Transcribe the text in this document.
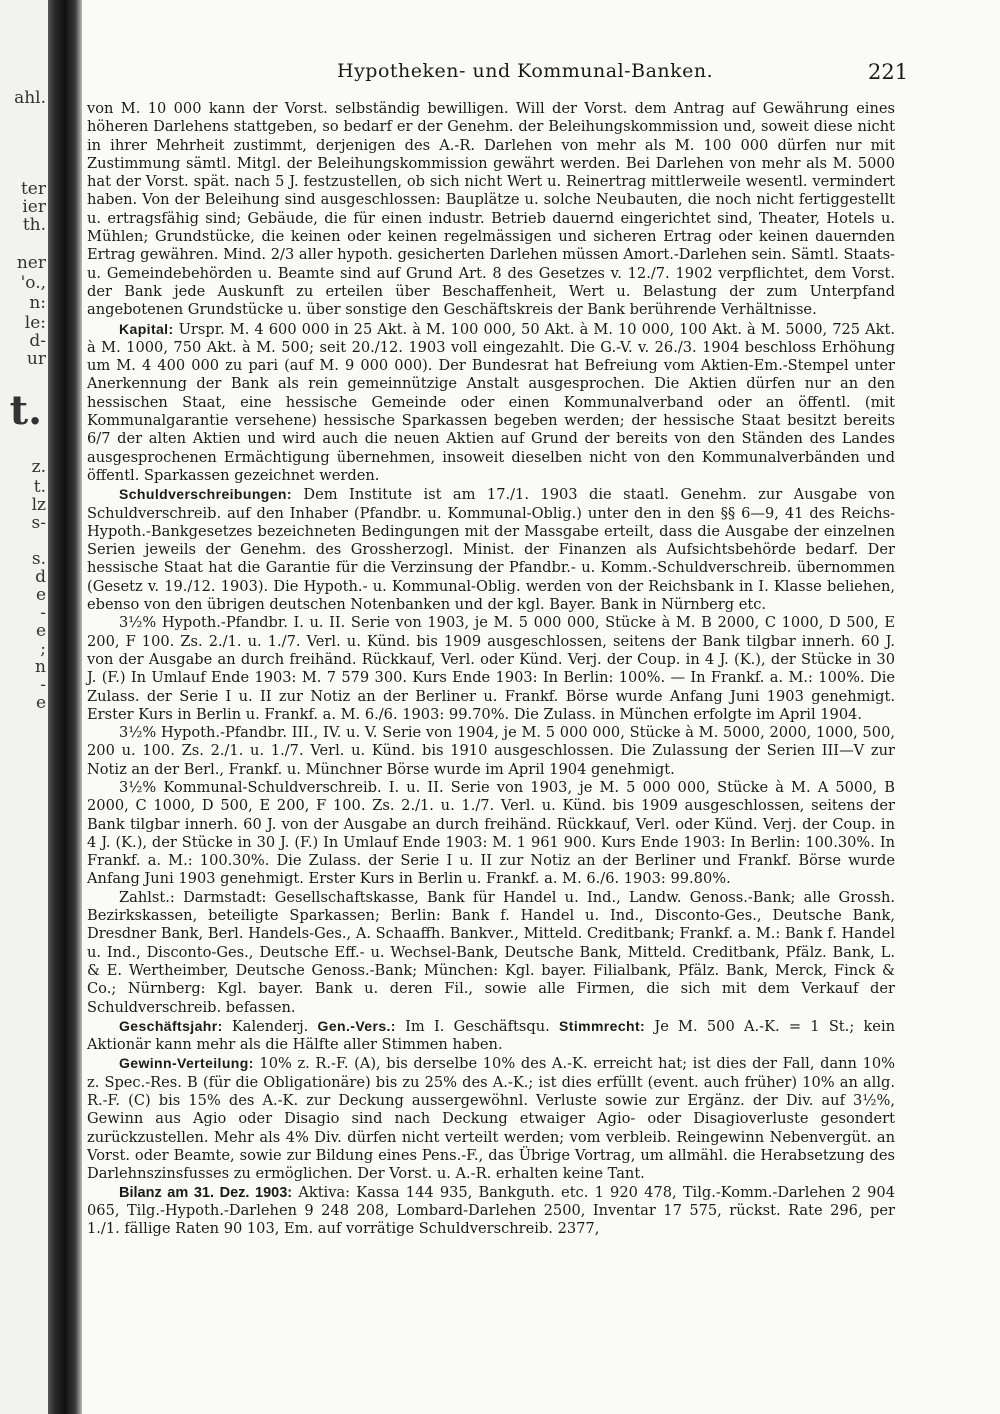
ahl.
ter
ier
th.
ner
'o.,
n:
le:
d-
ur
t.
z.
t.
lz
s-
s.
d
e
-
e
;
n
-
e
Hypotheken- und Kommunal-Banken.	221

von M. 10 000 kann der Vorst. selbständig bewilligen. Will der Vorst. dem Antrag auf Gewährung eines höheren Darlehens stattgeben, so bedarf er der Genehm. der Beleihungskommission und, soweit diese nicht in ihrer Mehrheit zustimmt, derjenigen des A.-R. Darlehen von mehr als M. 100 000 dürfen nur mit Zustimmung sämtl. Mitgl. der Beleihungskommission gewährt werden. Bei Darlehen von mehr als M. 5000 hat der Vorst. spät. nach 5 J. festzustellen, ob sich nicht Wert u. Reinertrag mittlerweile wesentl. vermindert haben. Von der Beleihung sind ausgeschlossen: Bauplätze u. solche Neubauten, die noch nicht fertiggestellt u. ertragsfähig sind; Gebäude, die für einen industr. Betrieb dauernd eingerichtet sind, Theater, Hotels u. Mühlen; Grundstücke, die keinen oder keinen regelmässigen und sicheren Ertrag oder keinen dauernden Ertrag gewähren. Mind. 2/3 aller hypoth. gesicherten Darlehen müssen Amort.-Darlehen sein. Sämtl. Staats- u. Gemeindebehörden u. Beamte sind auf Grund Art. 8 des Gesetzes v. 12./7. 1902 verpflichtet, dem Vorst. der Bank jede Auskunft zu erteilen über Beschaffenheit, Wert u. Belastung der zum Unterpfand angebotenen Grundstücke u. über sonstige den Geschäftskreis der Bank berührende Verhältnisse.

Kapital: Urspr. M. 4 600 000 in 25 Akt. à M. 100 000, 50 Akt. à M. 10 000, 100 Akt. à M. 5000, 725 Akt. à M. 1000, 750 Akt. à M. 500; seit 20./12. 1903 voll eingezahlt. Die G.-V. v. 26./3. 1904 beschloss Erhöhung um M. 4 400 000 zu pari (auf M. 9 000 000). Der Bundesrat hat Befreiung vom Aktien-Em.-Stempel unter Anerkennung der Bank als rein gemeinnützige Anstalt ausgesprochen. Die Aktien dürfen nur an den hessischen Staat, eine hessische Gemeinde oder einen Kommunalverband oder an öffentl. (mit Kommunalgarantie versehene) hessische Sparkassen begeben werden; der hessische Staat besitzt bereits 6/7 der alten Aktien und wird auch die neuen Aktien auf Grund der bereits von den Ständen des Landes ausgesprochenen Ermächtigung übernehmen, insoweit dieselben nicht von den Kommunalverbänden und öffentl. Sparkassen gezeichnet werden.

Schuldverschreibungen: Dem Institute ist am 17./1. 1903 die staatl. Genehm. zur Ausgabe von Schuldverschreib. auf den Inhaber (Pfandbr. u. Kommunal-Oblig.) unter den in den §§ 6—9, 41 des Reichs-Hypoth.-Bankgesetzes bezeichneten Bedingungen mit der Massgabe erteilt, dass die Ausgabe der einzelnen Serien jeweils der Genehm. des Grossherzogl. Minist. der Finanzen als Aufsichtsbehörde bedarf. Der hessische Staat hat die Garantie für die Verzinsung der Pfandbr.- u. Komm.-Schuldverschreib. übernommen (Gesetz v. 19./12. 1903). Die Hypoth.- u. Kommunal-Oblig. werden von der Reichsbank in I. Klasse beliehen, ebenso von den übrigen deutschen Notenbanken und der kgl. Bayer. Bank in Nürnberg etc.

3½% Hypoth.-Pfandbr. I. u. II. Serie von 1903, je M. 5 000 000, Stücke à M. B 2000, C 1000, D 500, E 200, F 100. Zs. 2./1. u. 1./7. Verl. u. Künd. bis 1909 ausgeschlossen, seitens der Bank tilgbar innerh. 60 J. von der Ausgabe an durch freihänd. Rückkauf, Verl. oder Künd. Verj. der Coup. in 4 J. (K.), der Stücke in 30 J. (F.) In Umlauf Ende 1903: M. 7 579 300. Kurs Ende 1903: In Berlin: 100%. — In Frankf. a. M.: 100%. Die Zulass. der Serie I u. II zur Notiz an der Berliner u. Frankf. Börse wurde Anfang Juni 1903 genehmigt. Erster Kurs in Berlin u. Frankf. a. M. 6./6. 1903: 99.70%. Die Zulass. in München erfolgte im April 1904.

3½% Hypoth.-Pfandbr. III., IV. u. V. Serie von 1904, je M. 5 000 000, Stücke à M. 5000, 2000, 1000, 500, 200 u. 100. Zs. 2./1. u. 1./7. Verl. u. Künd. bis 1910 ausgeschlossen. Die Zulassung der Serien III—V zur Notiz an der Berl., Frankf. u. Münchner Börse wurde im April 1904 genehmigt.

3½% Kommunal-Schuldverschreib. I. u. II. Serie von 1903, je M. 5 000 000, Stücke à M. A 5000, B 2000, C 1000, D 500, E 200, F 100. Zs. 2./1. u. 1./7. Verl. u. Künd. bis 1909 ausgeschlossen, seitens der Bank tilgbar innerh. 60 J. von der Ausgabe an durch freihänd. Rückkauf, Verl. oder Künd. Verj. der Coup. in 4 J. (K.), der Stücke in 30 J. (F.) In Umlauf Ende 1903: M. 1 961 900. Kurs Ende 1903: In Berlin: 100.30%. In Frankf. a. M.: 100.30%. Die Zulass. der Serie I u. II zur Notiz an der Berliner und Frankf. Börse wurde Anfang Juni 1903 genehmigt. Erster Kurs in Berlin u. Frankf. a. M. 6./6. 1903: 99.80%.

Zahlst.: Darmstadt: Gesellschaftskasse, Bank für Handel u. Ind., Landw. Genoss.-Bank; alle Grossh. Bezirkskassen, beteiligte Sparkassen; Berlin: Bank f. Handel u. Ind., Disconto-Ges., Deutsche Bank, Dresdner Bank, Berl. Handels-Ges., A. Schaaffh. Bankver., Mitteld. Creditbank; Frankf. a. M.: Bank f. Handel u. Ind., Disconto-Ges., Deutsche Eff.- u. Wechsel-Bank, Deutsche Bank, Mitteld. Creditbank, Pfälz. Bank, L. & E. Wertheimber, Deutsche Genoss.-Bank; München: Kgl. bayer. Filialbank, Pfälz. Bank, Merck, Finck & Co.; Nürnberg: Kgl. bayer. Bank u. deren Fil., sowie alle Firmen, die sich mit dem Verkauf der Schuldverschreib. befassen.

Geschäftsjahr: Kalenderj. Gen.-Vers.: Im I. Geschäftsqu. Stimmrecht: Je M. 500 A.-K. = 1 St.; kein Aktionär kann mehr als die Hälfte aller Stimmen haben.

Gewinn-Verteilung: 10% z. R.-F. (A), bis derselbe 10% des A.-K. erreicht hat; ist dies der Fall, dann 10% z. Spec.-Res. B (für die Obligationäre) bis zu 25% des A.-K.; ist dies erfüllt (event. auch früher) 10% an allg. R.-F. (C) bis 15% des A.-K. zur Deckung aussergewöhnl. Verluste sowie zur Ergänz. der Div. auf 3½%, Gewinn aus Agio oder Disagio sind nach Deckung etwaiger Agio- oder Disagioverluste gesondert zurückzustellen. Mehr als 4% Div. dürfen nicht verteilt werden; vom verbleib. Reingewinn Nebenvergüt. an Vorst. oder Beamte, sowie zur Bildung eines Pens.-F., das Übrige Vortrag, um allmähl. die Herabsetzung des Darlehnszinsfusses zu ermöglichen. Der Vorst. u. A.-R. erhalten keine Tant.

Bilanz am 31. Dez. 1903: Aktiva: Kassa 144 935, Bankguth. etc. 1 920 478, Tilg.-Komm.-Darlehen 2 904 065, Tilg.-Hypoth.-Darlehen 9 248 208, Lombard-Darlehen 2500, Inventar 17 575, rückst. Rate 296, per 1./1. fällige Raten 90 103, Em. auf vorrätige Schuldverschreib. 2377,
